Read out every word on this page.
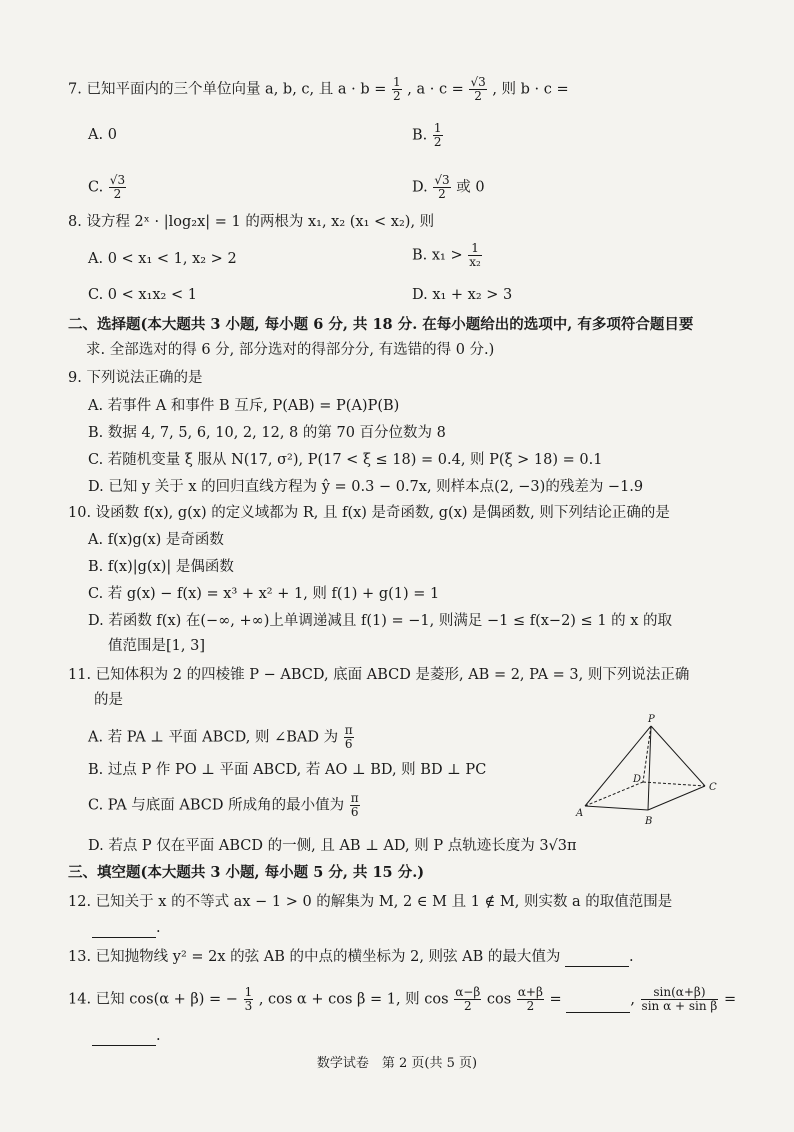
7. 已知平面内的三个单位向量 a, b, c, 且 $a \cdot b = \frac{1}{2}$ , $a \cdot c = \frac{√3}{2}$ , 则 b · c =
A. 0	B. $\frac{1}{2}$
C. $\frac{√3}{2}$	D. $\frac{√3}{2}$ 或 0
8. 设方程 2ˣ · |log₂x| = 1 的两根为 x₁, x₂ (x₁ < x₂), 则
A. 0 < x₁ < 1, x₂ > 2	B. $x_1 > \frac{1}{\text{x₂}}$
C. 0 < x₁x₂ < 1	D. x₁ + x₂ > 3
二、选择题(本大题共 3 小题, 每小题 6 分, 共 18 分. 在每小题给出的选项中, 有多项符合题目要
求. 全部选对的得 6 分, 部分选对的得部分分, 有选错的得 0 分.)
9. 下列说法正确的是
A. 若事件 A 和事件 B 互斥, P(AB) = P(A)P(B)
B. 数据 4, 7, 5, 6, 10, 2, 12, 8 的第 70 百分位数为 8
C. 若随机变量 ξ 服从 N(17, σ²), P(17 < ξ ≤ 18) = 0.4, 则 P(ξ > 18) = 0.1
D. 已知 y 关于 x 的回归直线方程为 ŷ = 0.3 − 0.7x, 则样本点(2, −3)的残差为 −1.9
10. 设函数 f(x), g(x) 的定义域都为 R, 且 f(x) 是奇函数, g(x) 是偶函数, 则下列结论正确的是
A. f(x)g(x) 是奇函数
B. f(x)|g(x)| 是偶函数
C. 若 g(x) − f(x) = x³ + x² + 1, 则 f(1) + g(1) = 1
D. 若函数 f(x) 在(−∞, +∞)上单调递减且 f(1) = −1, 则满足 −1 ≤ f(x−2) ≤ 1 的 x 的取
值范围是[1, 3]
11. 已知体积为 2 的四棱锥 P − ABCD, 底面 ABCD 是菱形, AB = 2, PA = 3, 则下列说法正确
的是
A. 若 PA ⊥ 平面 ABCD, 则 ∠BAD 为 $\frac{\pi}{6}$
B. 过点 P 作 PO ⊥ 平面 ABCD, 若 AO ⊥ BD, 则 BD ⊥ PC
C. PA 与底面 ABCD 所成角的最小值为 $\frac{\pi}{6}$
D. 若点 P 仅在平面 ABCD 的一侧, 且 AB ⊥ AD, 则 P 点轨迹长度为 3√3π
P
A
B
C
D
三、填空题(本大题共 3 小题, 每小题 5 分, 共 15 分.)
12. 已知关于 x 的不等式 ax − 1 > 0 的解集为 M, 2 ∈ M 且 1 ∉ M, 则实数 a 的取值范围是
.
13. 已知抛物线 y² = 2x 的弦 AB 的中点的横坐标为 2, 则弦 AB 的最大值为	.
14. 已知 cos(α + β) = − $\frac{1}{3}$ , cos α + cos β = 1, 则 $\cos \frac{\alpha-\beta}{2}$ $\cos \frac{\alpha+\beta}{2}$ =	, $\frac{\sin(\alpha+\beta)}{\text{sin α + sin β}}$ =
.
数学试卷　第 2 页(共 5 页)
